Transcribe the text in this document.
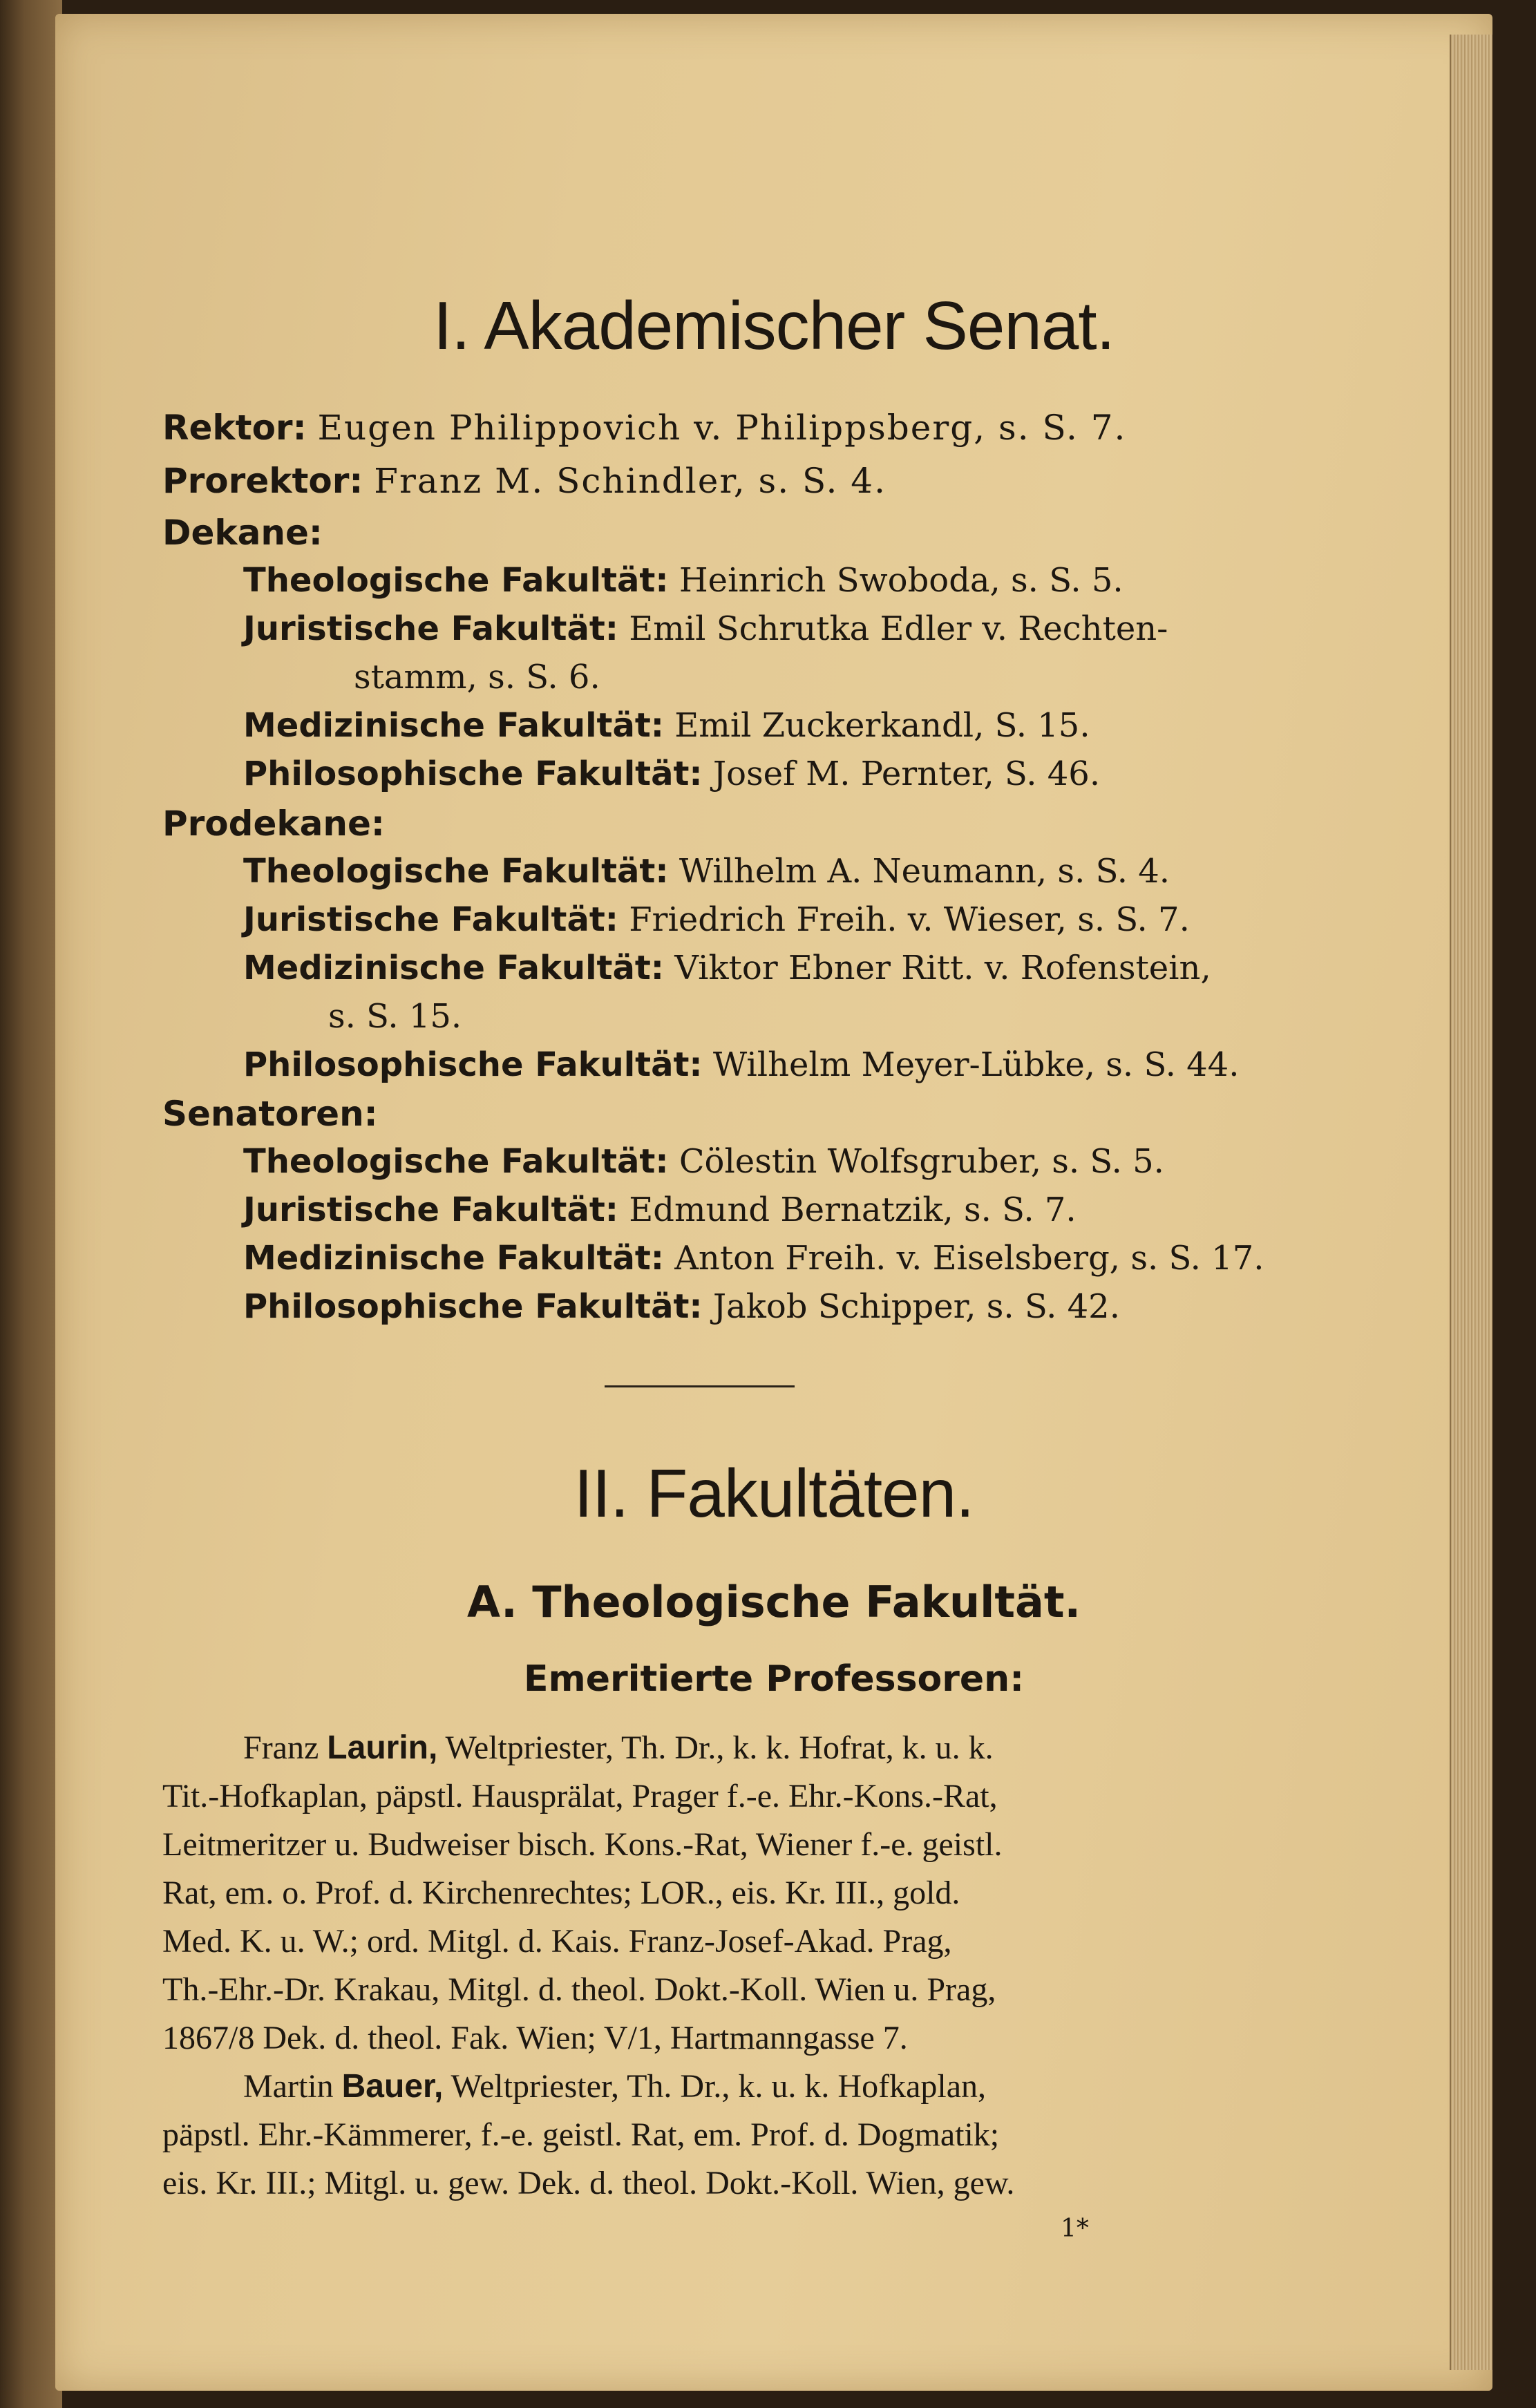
I. Akademischer Senat.
Rektor: Eugen Philippovich v. Philippsberg, s. S. 7.
Prorektor: Franz M. Schindler, s. S. 4.
Dekane:
Theologische Fakultät: Heinrich Swoboda, s. S. 5.
Juristische Fakultät: Emil Schrutka Edler v. Rechten-
stamm, s. S. 6.
Medizinische Fakultät: Emil Zuckerkandl, S. 15.
Philosophische Fakultät: Josef M. Pernter, S. 46.
Prodekane:
Theologische Fakultät: Wilhelm A. Neumann, s. S. 4.
Juristische Fakultät: Friedrich Freih. v. Wieser, s. S. 7.
Medizinische Fakultät: Viktor Ebner Ritt. v. Rofenstein,
s. S. 15.
Philosophische Fakultät: Wilhelm Meyer-Lübke, s. S. 44.
Senatoren:
Theologische Fakultät: Cölestin Wolfsgruber, s. S. 5.
Juristische Fakultät: Edmund Bernatzik, s. S. 7.
Medizinische Fakultät: Anton Freih. v. Eiselsberg, s. S. 17.
Philosophische Fakultät: Jakob Schipper, s. S. 42.
II. Fakultäten.
A. Theologische Fakultät.
Emeritierte Professoren:
Franz Laurin, Weltpriester, Th. Dr., k. k. Hofrat, k. u. k.
Tit.-Hofkaplan, päpstl. Hausprälat, Prager f.-e. Ehr.-Kons.-Rat,
Leitmeritzer u. Budweiser bisch. Kons.-Rat, Wiener f.-e. geistl.
Rat, em. o. Prof. d. Kirchenrechtes; LOR., eis. Kr. III., gold.
Med. K. u. W.; ord. Mitgl. d. Kais. Franz-Josef-Akad. Prag,
Th.-Ehr.-Dr. Krakau, Mitgl. d. theol. Dokt.-Koll. Wien u. Prag,
1867/8 Dek. d. theol. Fak. Wien; V/1, Hartmanngasse 7.
Martin Bauer, Weltpriester, Th. Dr., k. u. k. Hofkaplan,
päpstl. Ehr.-Kämmerer, f.-e. geistl. Rat, em. Prof. d. Dogmatik;
eis. Kr. III.; Mitgl. u. gew. Dek. d. theol. Dokt.-Koll. Wien, gew.
1*
